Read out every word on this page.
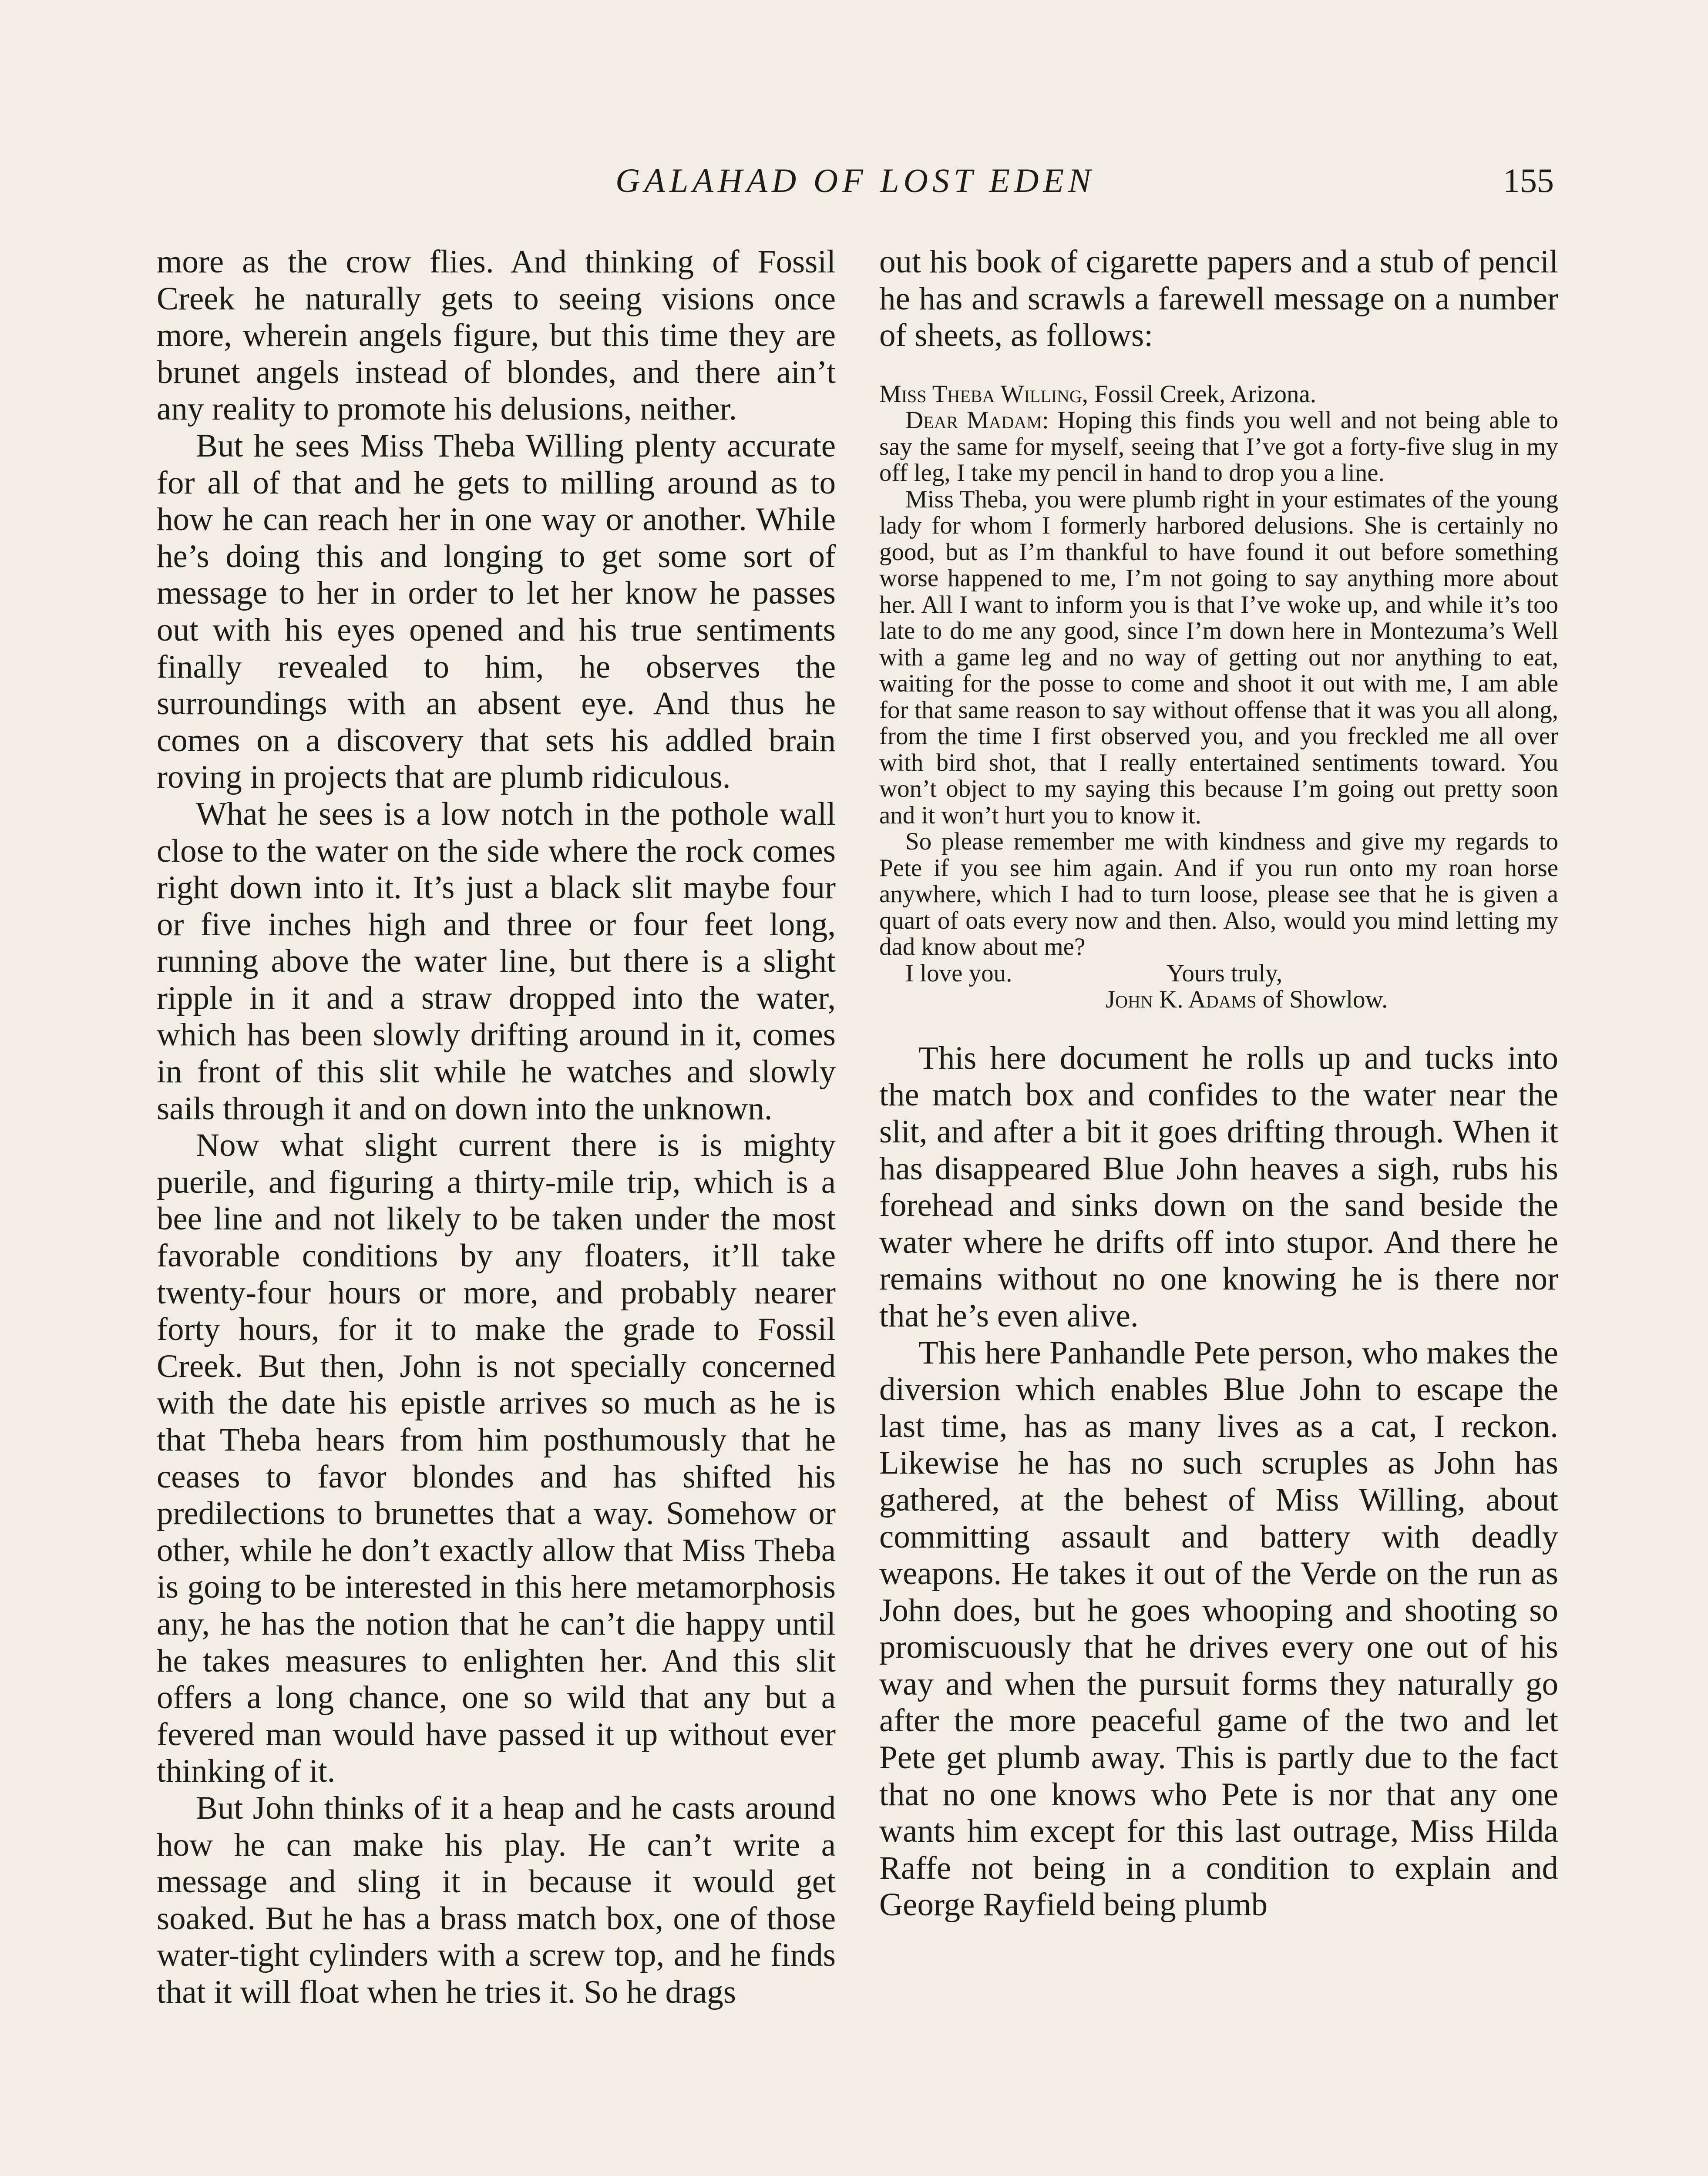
GALAHAD OF LOST EDEN	155

more as the crow flies. And thinking of Fossil Creek he naturally gets to seeing visions once more, wherein angels figure, but this time they are brunet angels instead of blondes, and there ain’t any reality to promote his delusions, neither.

But he sees Miss Theba Willing plenty accurate for all of that and he gets to milling around as to how he can reach her in one way or another. While he’s doing this and longing to get some sort of message to her in order to let her know he passes out with his eyes opened and his true sentiments finally revealed to him, he observes the surroundings with an absent eye. And thus he comes on a discovery that sets his addled brain roving in projects that are plumb ridiculous.

What he sees is a low notch in the pothole wall close to the water on the side where the rock comes right down into it. It’s just a black slit maybe four or five inches high and three or four feet long, running above the water line, but there is a slight ripple in it and a straw dropped into the water, which has been slowly drifting around in it, comes in front of this slit while he watches and slowly sails through it and on down into the unknown.

Now what slight current there is is mighty puerile, and figuring a thirty-mile trip, which is a bee line and not likely to be taken under the most favorable conditions by any floaters, it’ll take twenty-four hours or more, and probably nearer forty hours, for it to make the grade to Fossil Creek. But then, John is not specially concerned with the date his epistle arrives so much as he is that Theba hears from him posthumously that he ceases to favor blondes and has shifted his predilections to brunettes that a way. Somehow or other, while he don’t exactly allow that Miss Theba is going to be interested in this here metamorphosis any, he has the notion that he can’t die happy until he takes measures to enlighten her. And this slit offers a long chance, one so wild that any but a fevered man would have passed it up without ever thinking of it.

But John thinks of it a heap and he casts around how he can make his play. He can’t write a message and sling it in because it would get soaked. But he has a brass match box, one of those water-tight cylinders with a screw top, and he finds that it will float when he tries it. So he drags

out his book of cigarette papers and a stub of pencil he has and scrawls a farewell message on a number of sheets, as follows:

Miss Theba Willing, Fossil Creek, Arizona.

Dear Madam: Hoping this finds you well and not being able to say the same for myself, seeing that I’ve got a forty-five slug in my off leg, I take my pencil in hand to drop you a line.

Miss Theba, you were plumb right in your estimates of the young lady for whom I formerly harbored delusions. She is certainly no good, but as I’m thankful to have found it out before something worse happened to me, I’m not going to say anything more about her. All I want to inform you is that I’ve woke up, and while it’s too late to do me any good, since I’m down here in Montezuma’s Well with a game leg and no way of getting out nor anything to eat, waiting for the posse to come and shoot it out with me, I am able for that same reason to say without offense that it was you all along, from the time I first observed you, and you freckled me all over with bird shot, that I really entertained sentiments toward. You won’t object to my saying this because I’m going out pretty soon and it won’t hurt you to know it.

So please remember me with kindness and give my regards to Pete if you see him again. And if you run onto my roan horse anywhere, which I had to turn loose, please see that he is given a quart of oats every now and then. Also, would you mind letting my dad know about me?

I love you.	Yours truly,
John K. Adams of Showlow.

This here document he rolls up and tucks into the match box and confides to the water near the slit, and after a bit it goes drifting through. When it has disappeared Blue John heaves a sigh, rubs his forehead and sinks down on the sand beside the water where he drifts off into stupor. And there he remains without no one knowing he is there nor that he’s even alive.

This here Panhandle Pete person, who makes the diversion which enables Blue John to escape the last time, has as many lives as a cat, I reckon. Likewise he has no such scruples as John has gathered, at the behest of Miss Willing, about committing assault and battery with deadly weapons. He takes it out of the Verde on the run as John does, but he goes whooping and shooting so promiscuously that he drives every one out of his way and when the pursuit forms they naturally go after the more peaceful game of the two and let Pete get plumb away. This is partly due to the fact that no one knows who Pete is nor that any one wants him except for this last outrage, Miss Hilda Raffe not being in a condition to explain and George Rayfield being plumb
